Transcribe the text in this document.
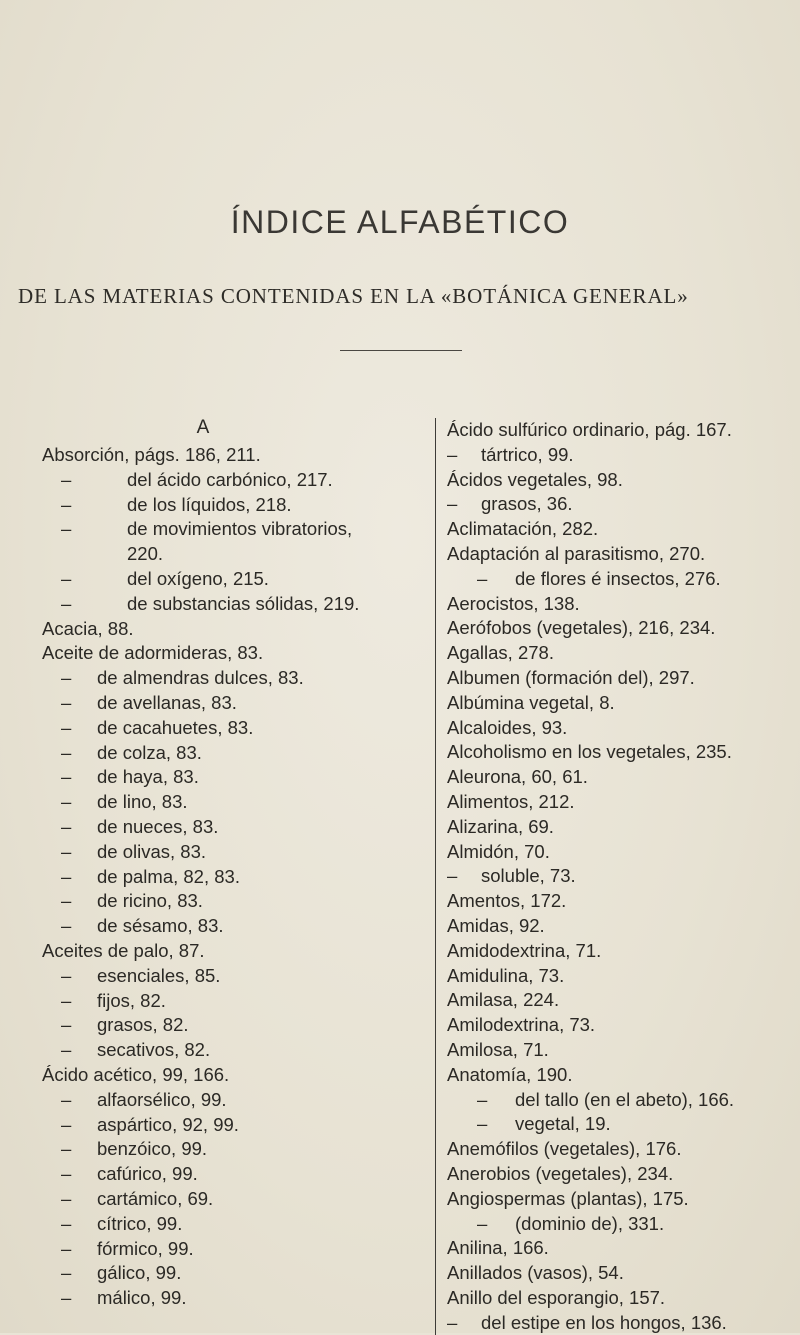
ÍNDICE ALFABÉTICO
DE LAS MATERIAS CONTENIDAS EN LA «BOTÁNICA GENERAL»
A
Absorción, págs. 186, 211.
– del ácido carbónico, 217.
– de los líquidos, 218.
– de movimientos vibratorios,
220.
– del oxígeno, 215.
– de substancias sólidas, 219.
Acacia, 88.
Aceite de adormideras, 83.
– de almendras dulces, 83.
– de avellanas, 83.
– de cacahuetes, 83.
– de colza, 83.
– de haya, 83.
– de lino, 83.
– de nueces, 83.
– de olivas, 83.
– de palma, 82, 83.
– de ricino, 83.
– de sésamo, 83.
Aceites de palo, 87.
– esenciales, 85.
– fijos, 82.
– grasos, 82.
– secativos, 82.
Ácido acético, 99, 166.
– alfaorsélico, 99.
– aspártico, 92, 99.
– benzóico, 99.
– cafúrico, 99.
– cartámico, 69.
– cítrico, 99.
– fórmico, 99.
– gálico, 99.
– málico, 99.
Ácido sulfúrico ordinario, pág. 167.
– tártrico, 99.
Ácidos vegetales, 98.
– grasos, 36.
Aclimatación, 282.
Adaptación al parasitismo, 270.
– de flores é insectos, 276.
Aerocistos, 138.
Aerófobos (vegetales), 216, 234.
Agallas, 278.
Albumen (formación del), 297.
Albúmina vegetal, 8.
Alcaloides, 93.
Alcoholismo en los vegetales, 235.
Aleurona, 60, 61.
Alimentos, 212.
Alizarina, 69.
Almidón, 70.
– soluble, 73.
Amentos, 172.
Amidas, 92.
Amidodextrina, 71.
Amidulina, 73.
Amilasa, 224.
Amilodextrina, 73.
Amilosa, 71.
Anatomía, 190.
– del tallo (en el abeto), 166.
– vegetal, 19.
Anemófilos (vegetales), 176.
Anerobios (vegetales), 234.
Angiospermas (plantas), 175.
– (dominio de), 331.
Anilina, 166.
Anillados (vasos), 54.
Anillo del esporangio, 157.
– del estipe en los hongos, 136.
